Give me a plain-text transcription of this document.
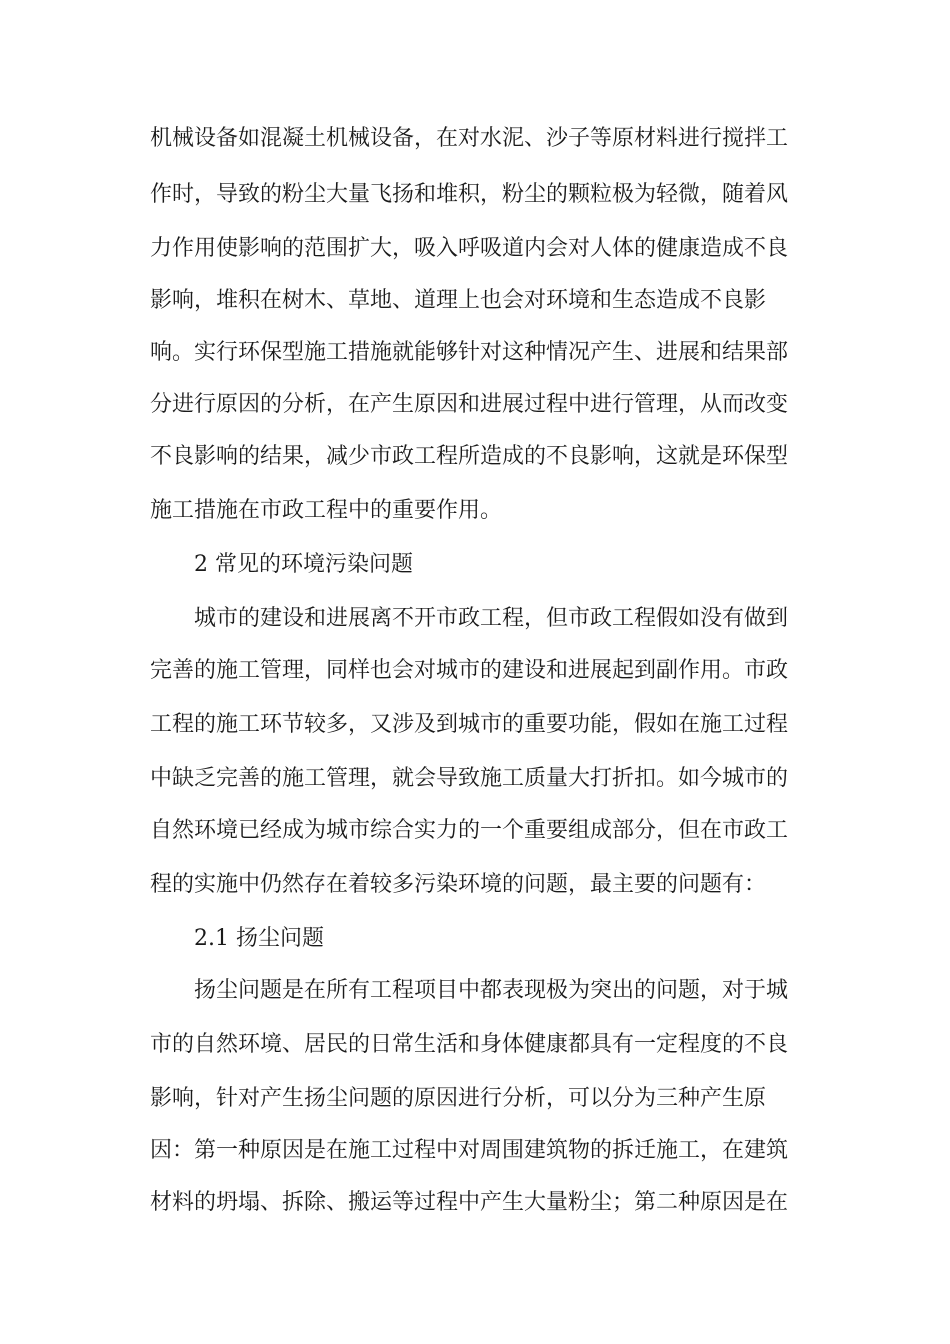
机械设备如混凝土机械设备，在对水泥、沙子等原材料进行搅拌工
作时，导致的粉尘大量飞扬和堆积，粉尘的颗粒极为轻微，随着风
力作用使影响的范围扩大，吸入呼吸道内会对人体的健康造成不良
影响，堆积在树木、草地、道理上也会对环境和生态造成不良影
响。实行环保型施工措施就能够针对这种情况产生、进展和结果部
分进行原因的分析，在产生原因和进展过程中进行管理，从而改变
不良影响的结果，减少市政工程所造成的不良影响，这就是环保型
施工措施在市政工程中的重要作用。
2 常见的环境污染问题
城市的建设和进展离不开市政工程，但市政工程假如没有做到
完善的施工管理，同样也会对城市的建设和进展起到副作用。市政
工程的施工环节较多，又涉及到城市的重要功能，假如在施工过程
中缺乏完善的施工管理，就会导致施工质量大打折扣。如今城市的
自然环境已经成为城市综合实力的一个重要组成部分，但在市政工
程的实施中仍然存在着较多污染环境的问题，最主要的问题有：
2.1 扬尘问题
扬尘问题是在所有工程项目中都表现极为突出的问题，对于城
市的自然环境、居民的日常生活和身体健康都具有一定程度的不良
影响，针对产生扬尘问题的原因进行分析，可以分为三种产生原
因：第一种原因是在施工过程中对周围建筑物的拆迁施工，在建筑
材料的坍塌、拆除、搬运等过程中产生大量粉尘；第二种原因是在
